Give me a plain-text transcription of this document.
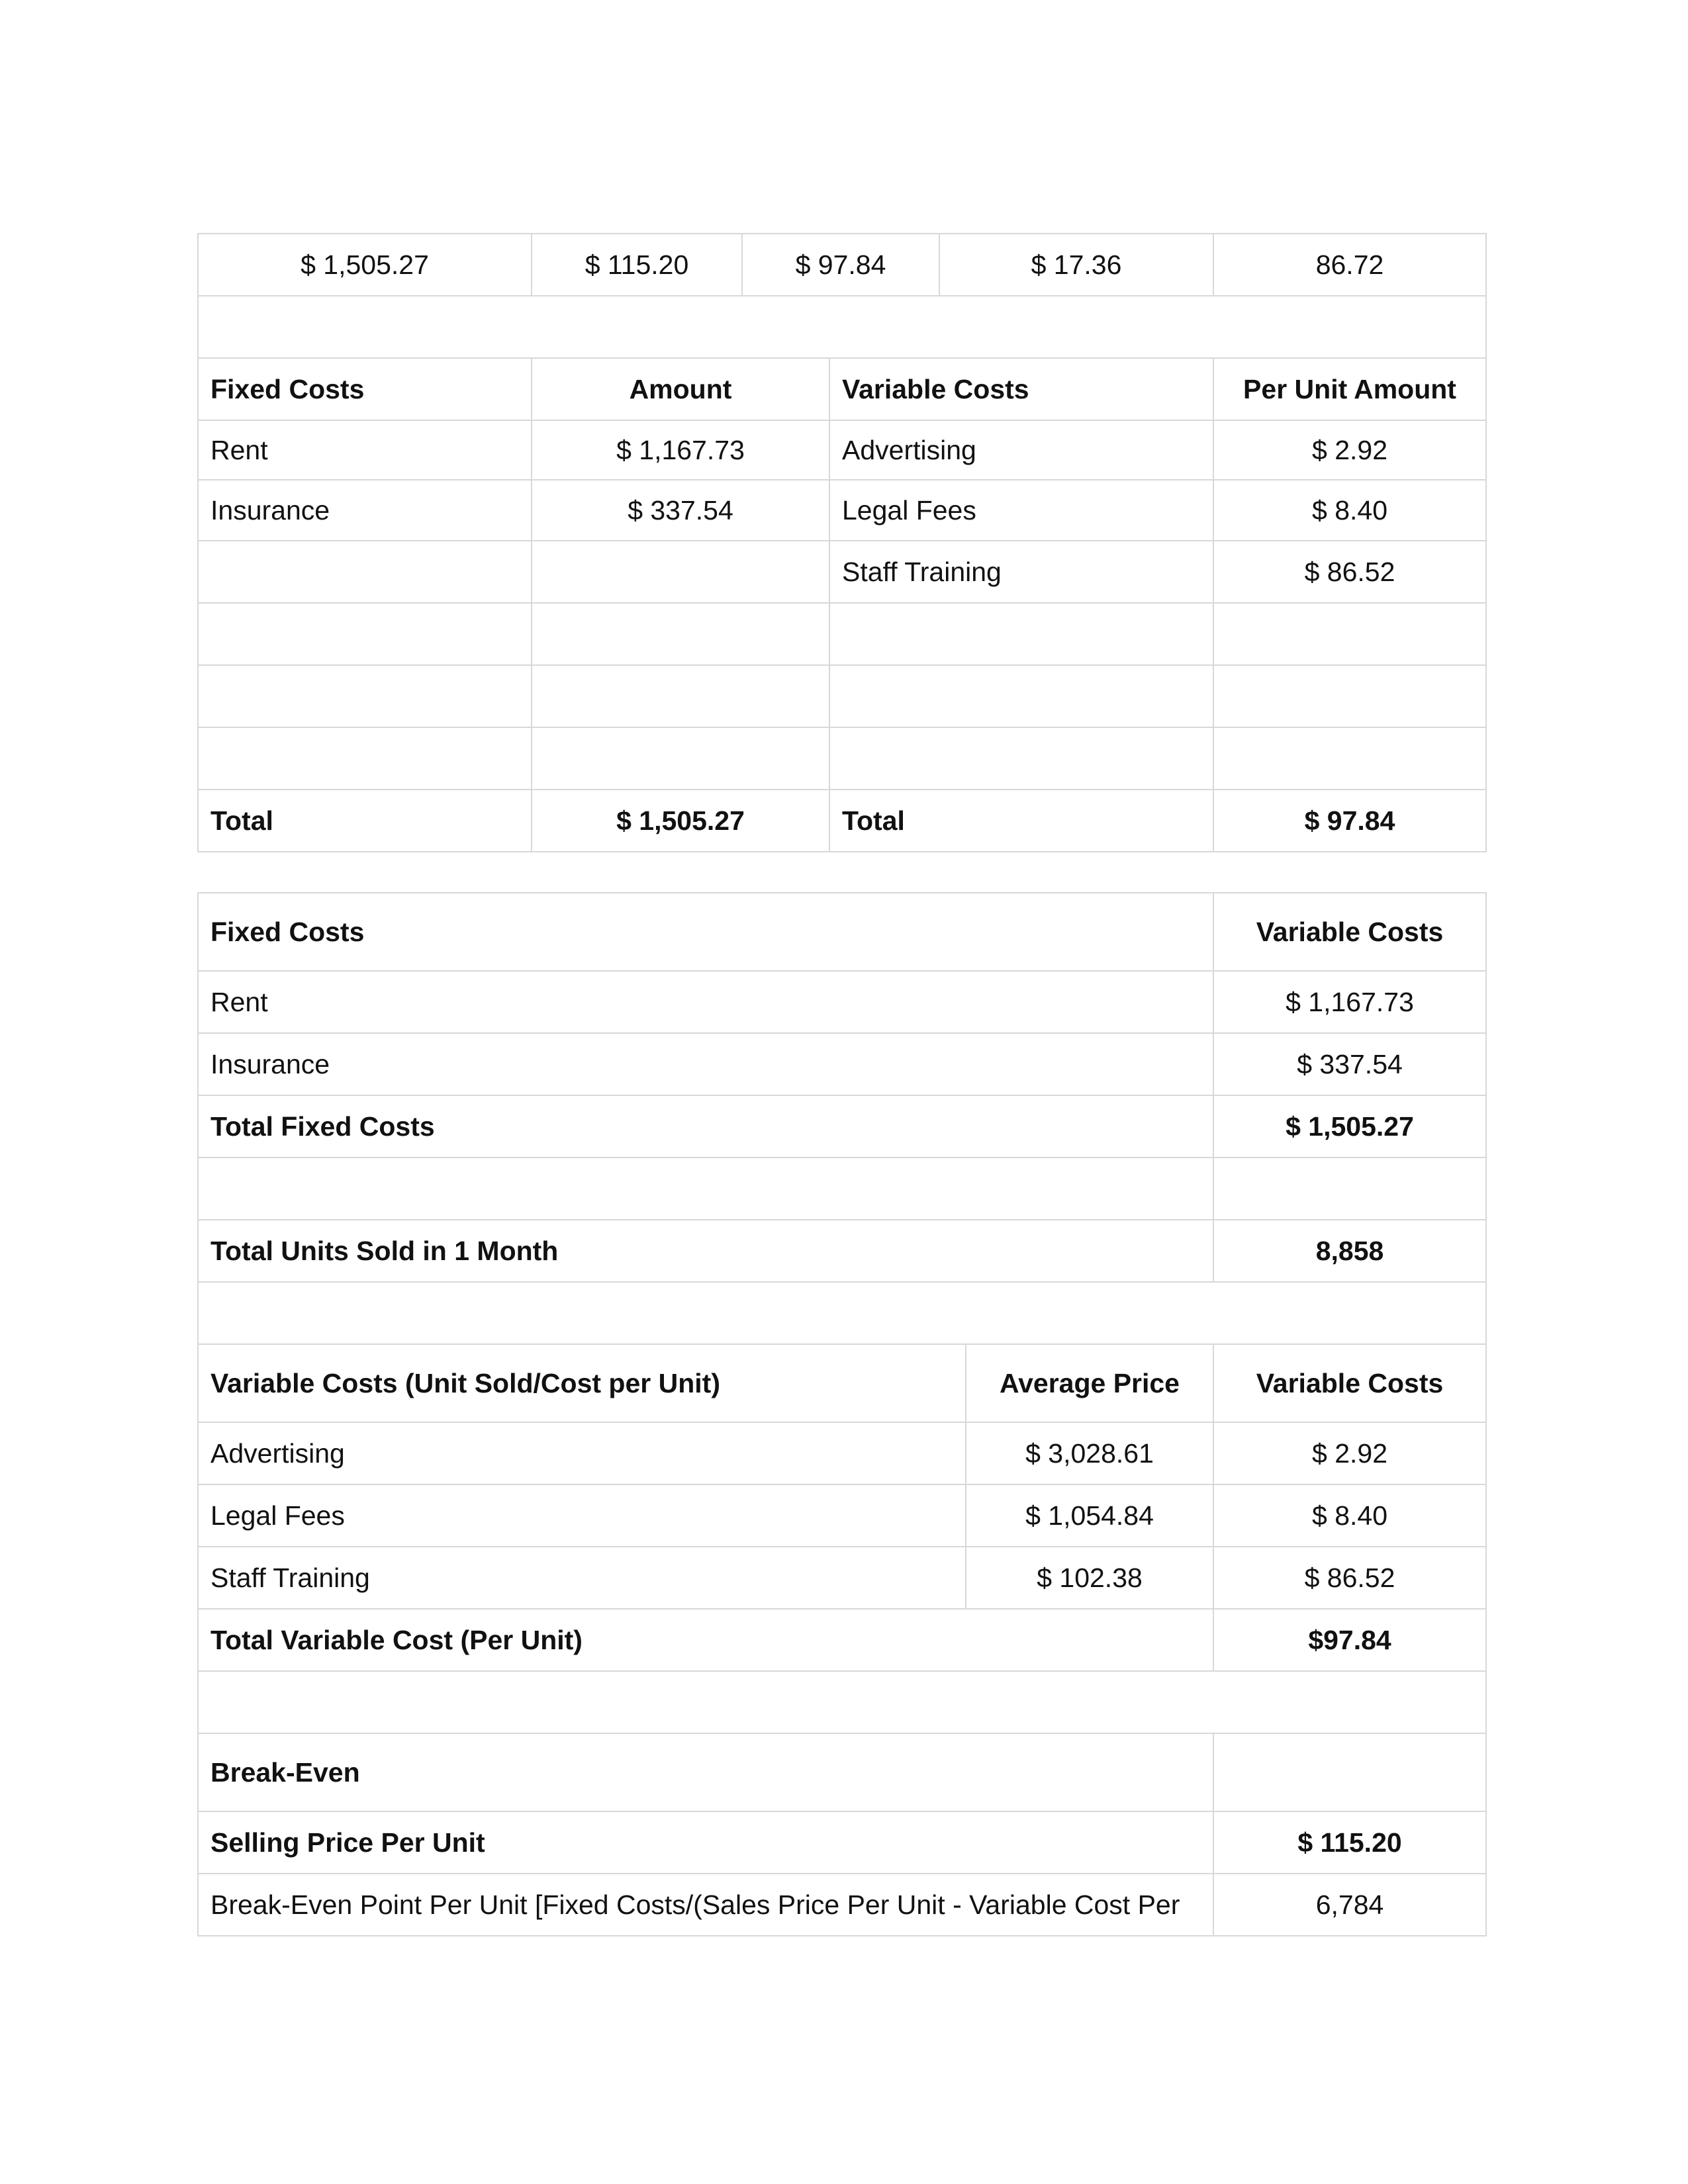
$ 1,505.27	$ 115.20	$ 97.84		$ 17.36	86.72

Fixed Costs	Amount		Variable Costs		Per Unit Amount
Rent	$ 1,167.73		Advertising		$ 2.92
Insurance	$ 337.54		Legal Fees		$ 8.40
			Staff Training		$ 86.52

Total	$ 1,505.27		Total		$ 97.84
Fixed Costs		Variable Costs
Rent		$ 1,167.73
Insurance		$ 337.54
Total Fixed Costs		$ 1,505.27

Total Units Sold in 1 Month		8,858

Variable Costs (Unit Sold/Cost per Unit)	Average Price	Variable Costs
Advertising	$ 3,028.61	$ 2.92
Legal Fees	$ 1,054.84	$ 8.40
Staff Training	$ 102.38	$ 86.52
Total Variable Cost (Per Unit)		$97.84

Break-Even		
Selling Price Per Unit		$ 115.20
Break-Even Point Per Unit [Fixed Costs/(Sales Price Per Unit - Variable Cost Per		6,784
